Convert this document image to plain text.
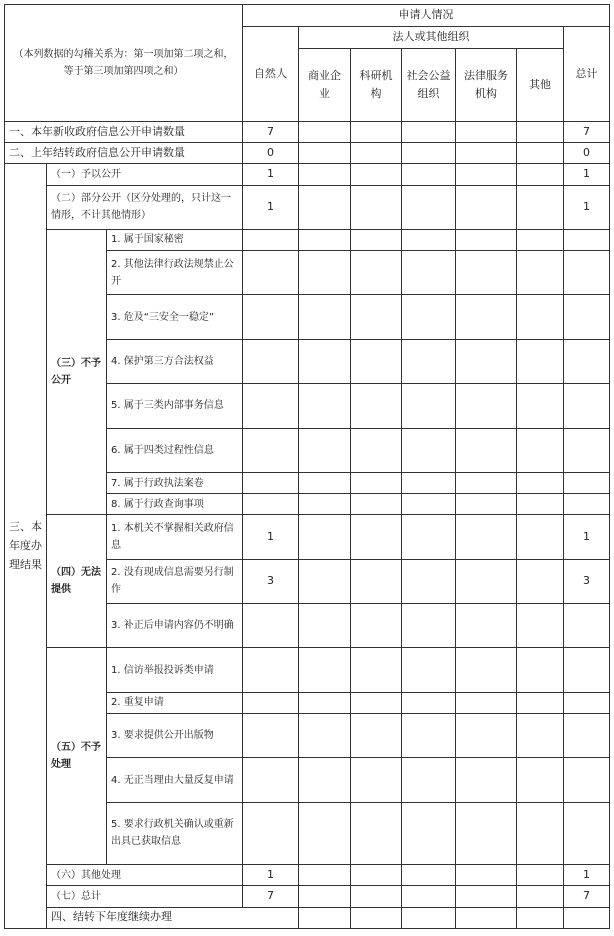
（本列数据的勾稽关系为：第一项加第二项之和，等于第三项加第四项之和）			申请人情况							
			自然人	法人或其他组织					总计	
				商业企业	科研机构	社会公益组织	法律服务机构	其他		
一、本年新收政府信息公开申请数量			7						7	
二、上年结转政府信息公开申请数量			0						0	
三、本年度办理结果	（一）予以公开		1						1	
	（二）部分公开（区分处理的，只计这一情形，不计其他情形）		1						1	
	（三）不予公开	1. 属于国家秘密								
		2. 其他法律行政法规禁止公开								
		3. 危及“三安全一稳定”								
		4. 保护第三方合法权益								
		5. 属于三类内部事务信息								
		6. 属于四类过程性信息								
		7. 属于行政执法案卷								
		8. 属于行政查询事项								
	（四）无法提供	1. 本机关不掌握相关政府信息	1						1	
		2. 没有现成信息需要另行制作	3						3	
		3. 补正后申请内容仍不明确								
	（五）不予处理	1. 信访举报投诉类申请								
		2. 重复申请								
		3. 要求提供公开出版物								
		4. 无正当理由大量反复申请								
		5. 要求行政机关确认或重新出具已获取信息								
	（六）其他处理		1						1	
	（七）总计		7						7	
	四、结转下年度继续办理							
